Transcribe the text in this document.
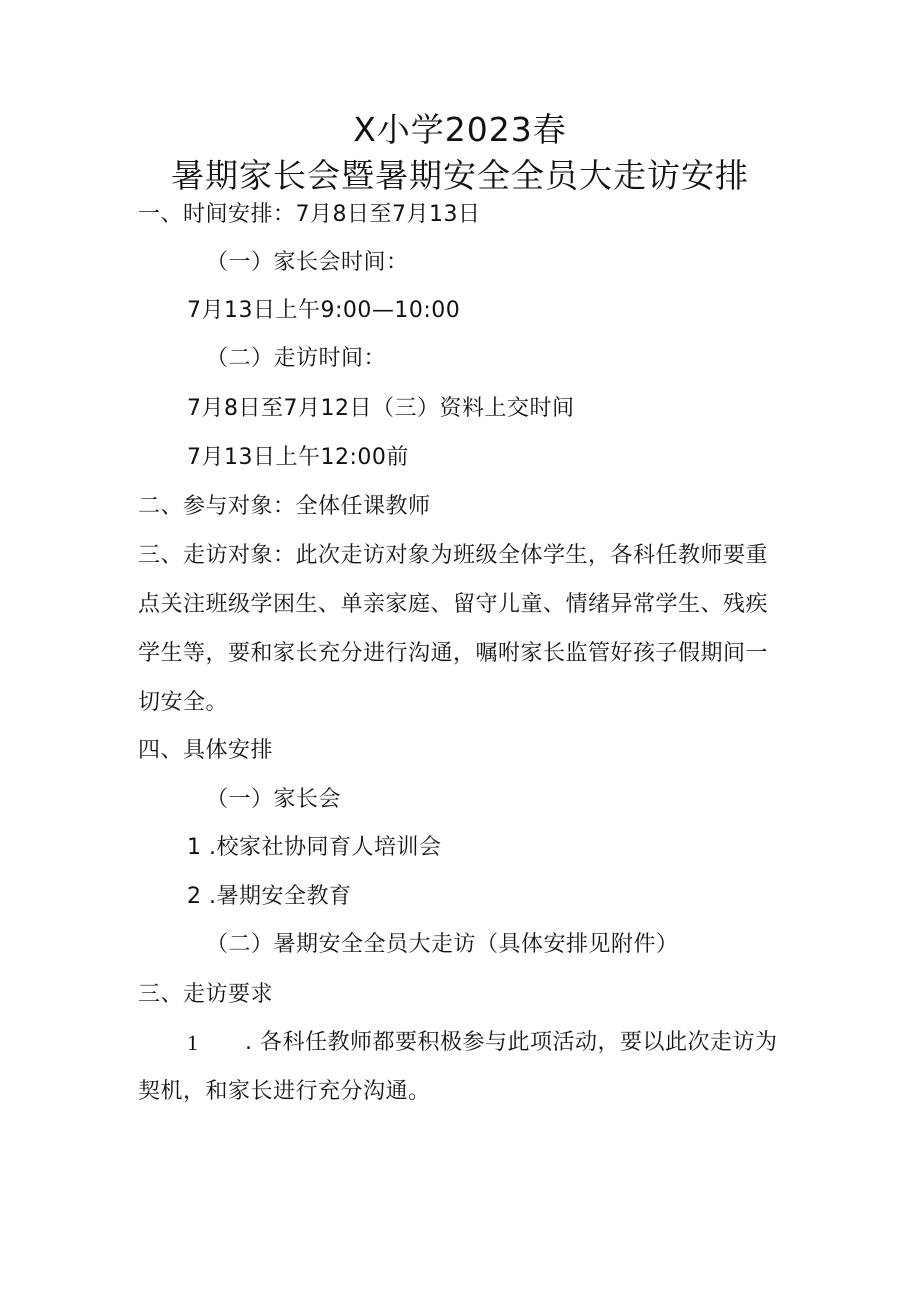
X小学2023春
暑期家长会暨暑期安全全员大走访安排
一、时间安排：7月8日至7月13日
（一）家长会时间：
7月13日上午9:00—10:00
（二）走访时间：
7月8日至7月12日（三）资料上交时间
7月13日上午12:00前
二、参与对象：全体任课教师
三、走访对象：此次走访对象为班级全体学生，各科任教师要重
点关注班级学困生、单亲家庭、留守儿童、情绪异常学生、残疾
学生等，要和家长充分进行沟通，嘱咐家长监管好孩子假期间一
切安全。
四、具体安排
（一）家长会
1 .校家社协同育人培训会
2 .暑期安全教育
（二）暑期安全全员大走访（具体安排见附件）
三、走访要求
1 . 各科任教师都要积极参与此项活动，要以此次走访为
契机，和家长进行充分沟通。
